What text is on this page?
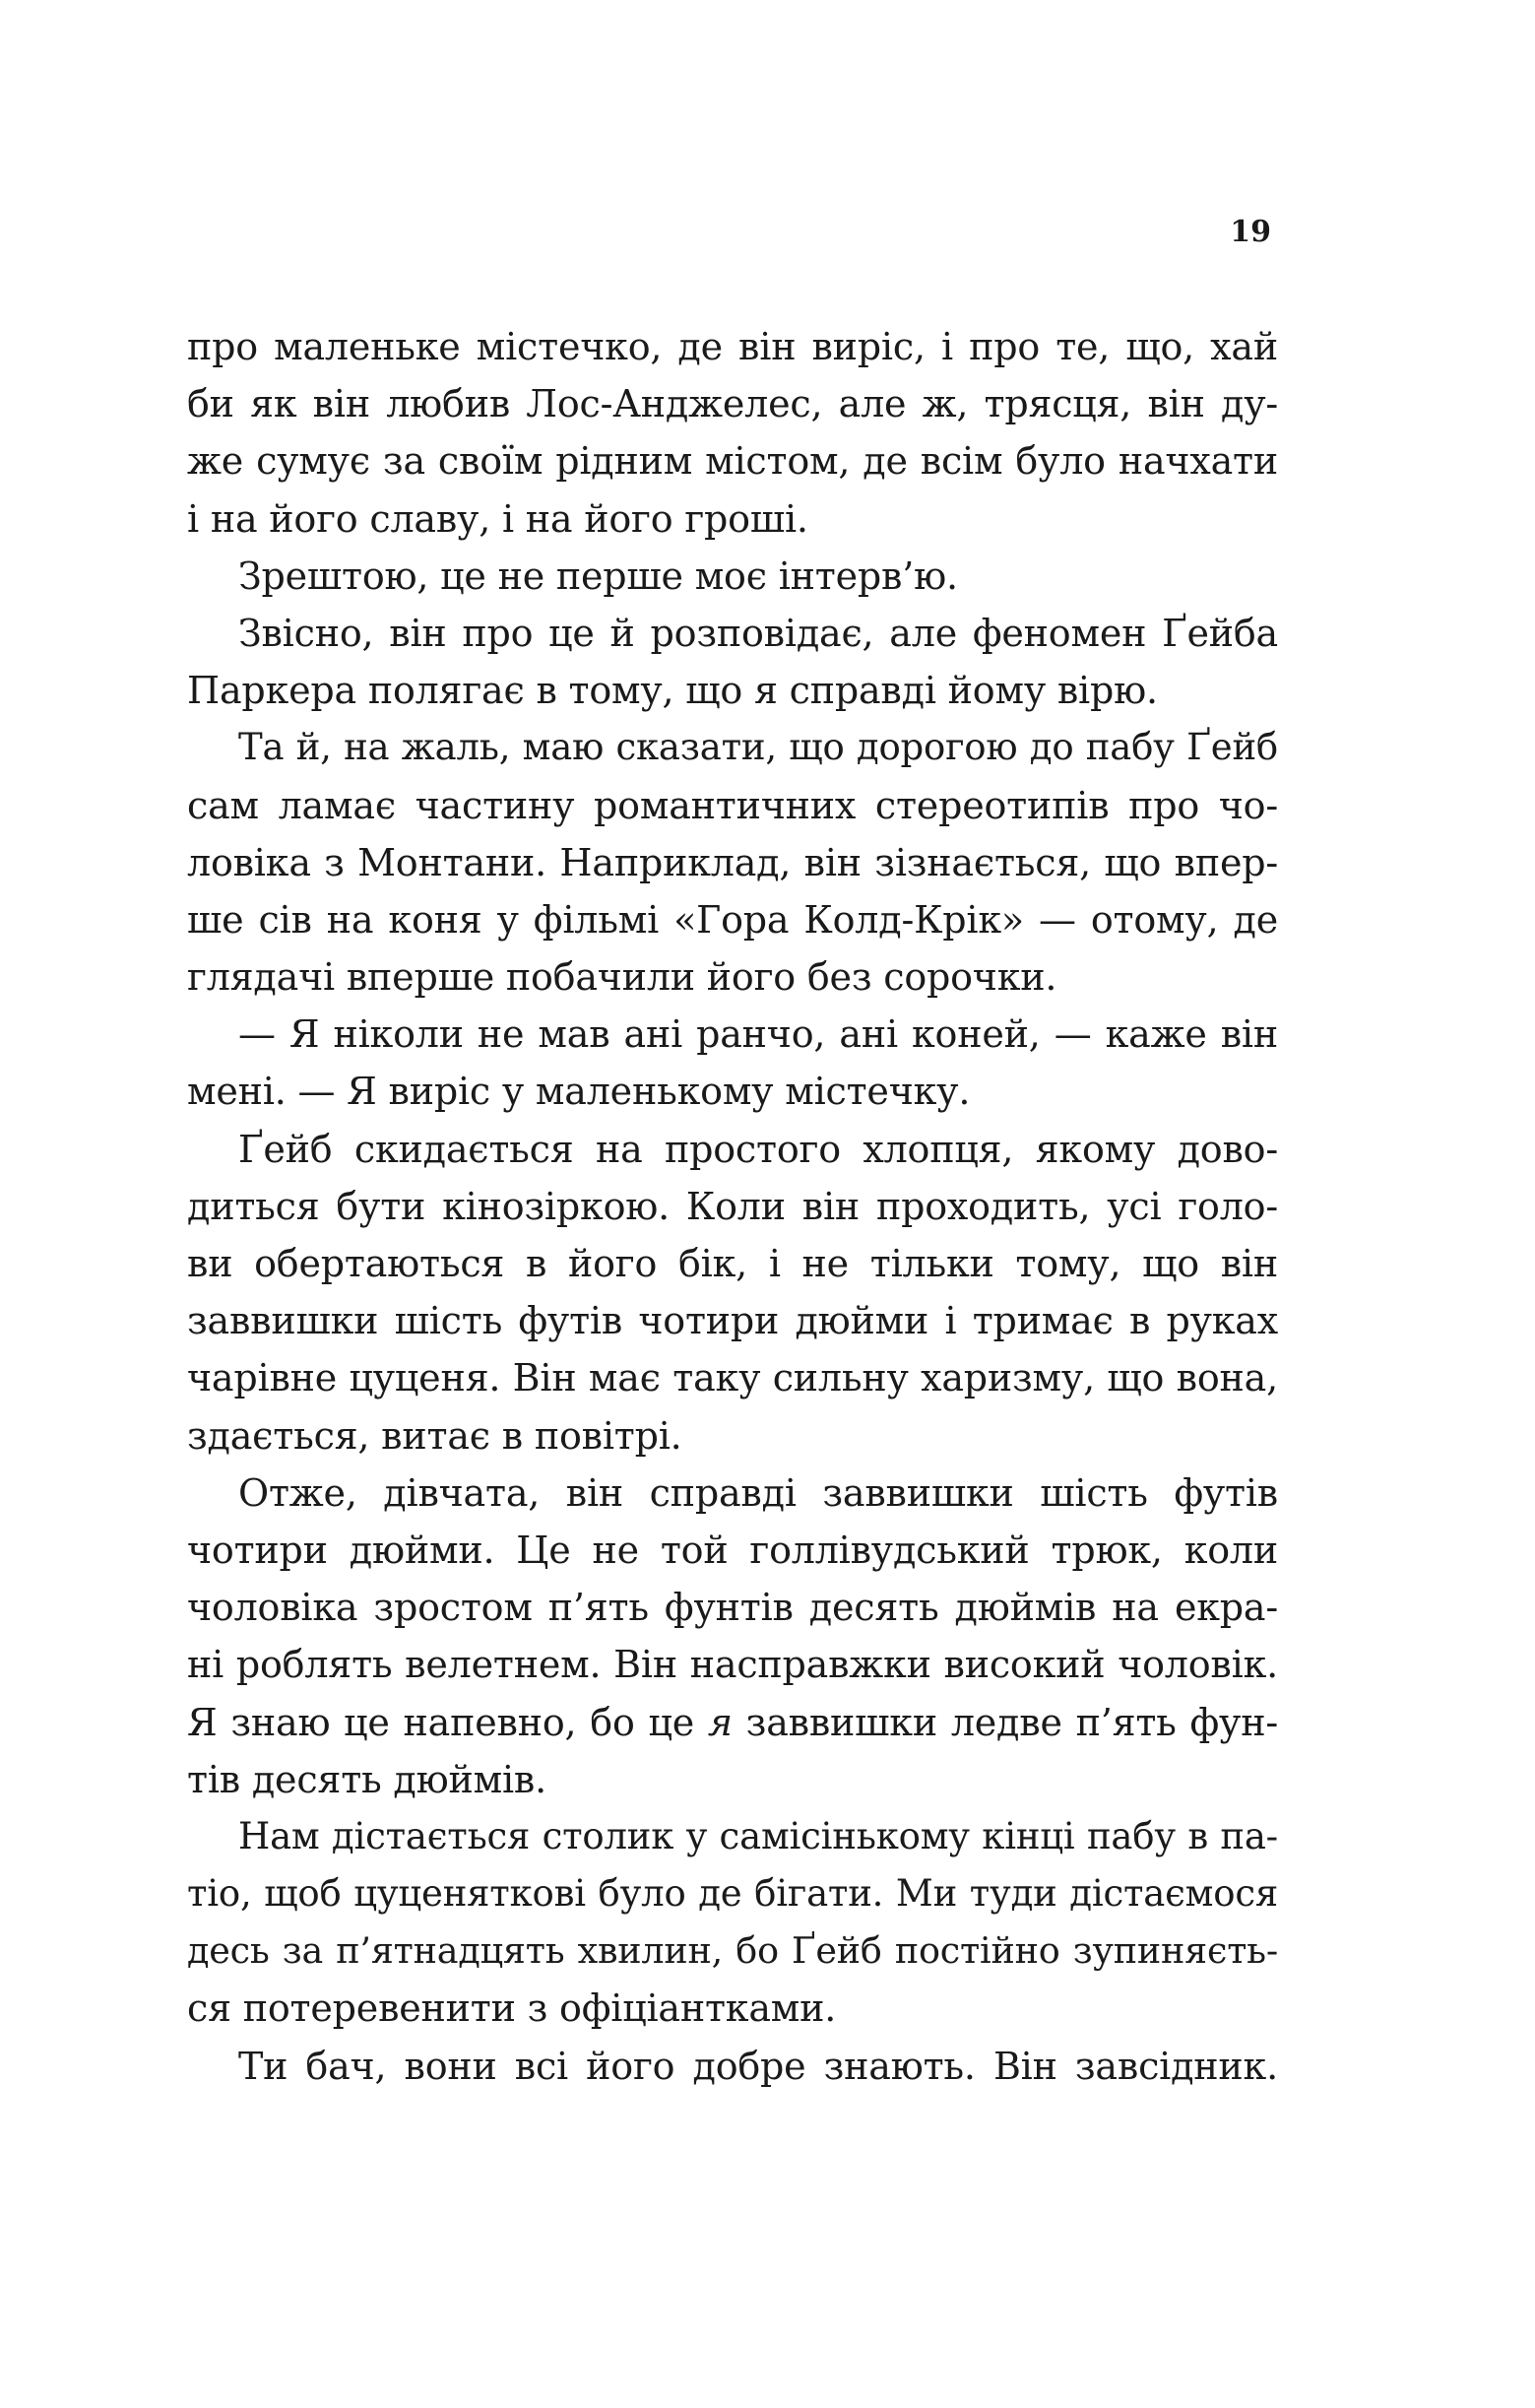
19
про маленьке містечко, де він виріс, і про те, що, хай
би як він любив Лос-Анджелес, але ж, трясця, він ду-
же сумує за своїм рідним містом, де всім було начхати
і на його славу, і на його гроші.
Зрештою, це не перше моє інтерв’ю.
Звісно, він про це й розповідає, але феномен Ґейба
Паркера полягає в тому, що я справді йому вірю.
Та й, на жаль, маю сказати, що дорогою до пабу Ґейб
сам ламає частину романтичних стереотипів про чо-
ловіка з Монтани. Наприклад, він зізнається, що впер-
ше сів на коня у фільмі «Гора Колд-Крік» — отому, де
глядачі вперше побачили його без сорочки.
— Я ніколи не мав ані ранчо, ані коней, — каже він
мені. — Я виріс у маленькому містечку.
Ґейб скидається на простого хлопця, якому дово-
диться бути кінозіркою. Коли він проходить, усі голо-
ви обертаються в його бік, і не тільки тому, що він
заввишки шість футів чотири дюйми і тримає в руках
чарівне цуценя. Він має таку сильну харизму, що вона,
здається, витає в повітрі.
Отже, дівчата, він справді заввишки шість футів
чотири дюйми. Це не той голлівудський трюк, коли
чоловіка зростом п’ять фунтів десять дюймів на екра-
ні роблять велетнем. Він насправжки високий чоловік.
Я знаю це напевно, бо це я заввишки ледве п’ять фун-
тів десять дюймів.
Нам дістається столик у самісінькому кінці пабу в па-
тіо, щоб цуценяткові було де бігати. Ми туди дістаємося
десь за п’ятнадцять хвилин, бо Ґейб постійно зупиняєть-
ся потеревенити з офіціантками.
Ти бач, вони всі його добре знають. Він завсідник.
